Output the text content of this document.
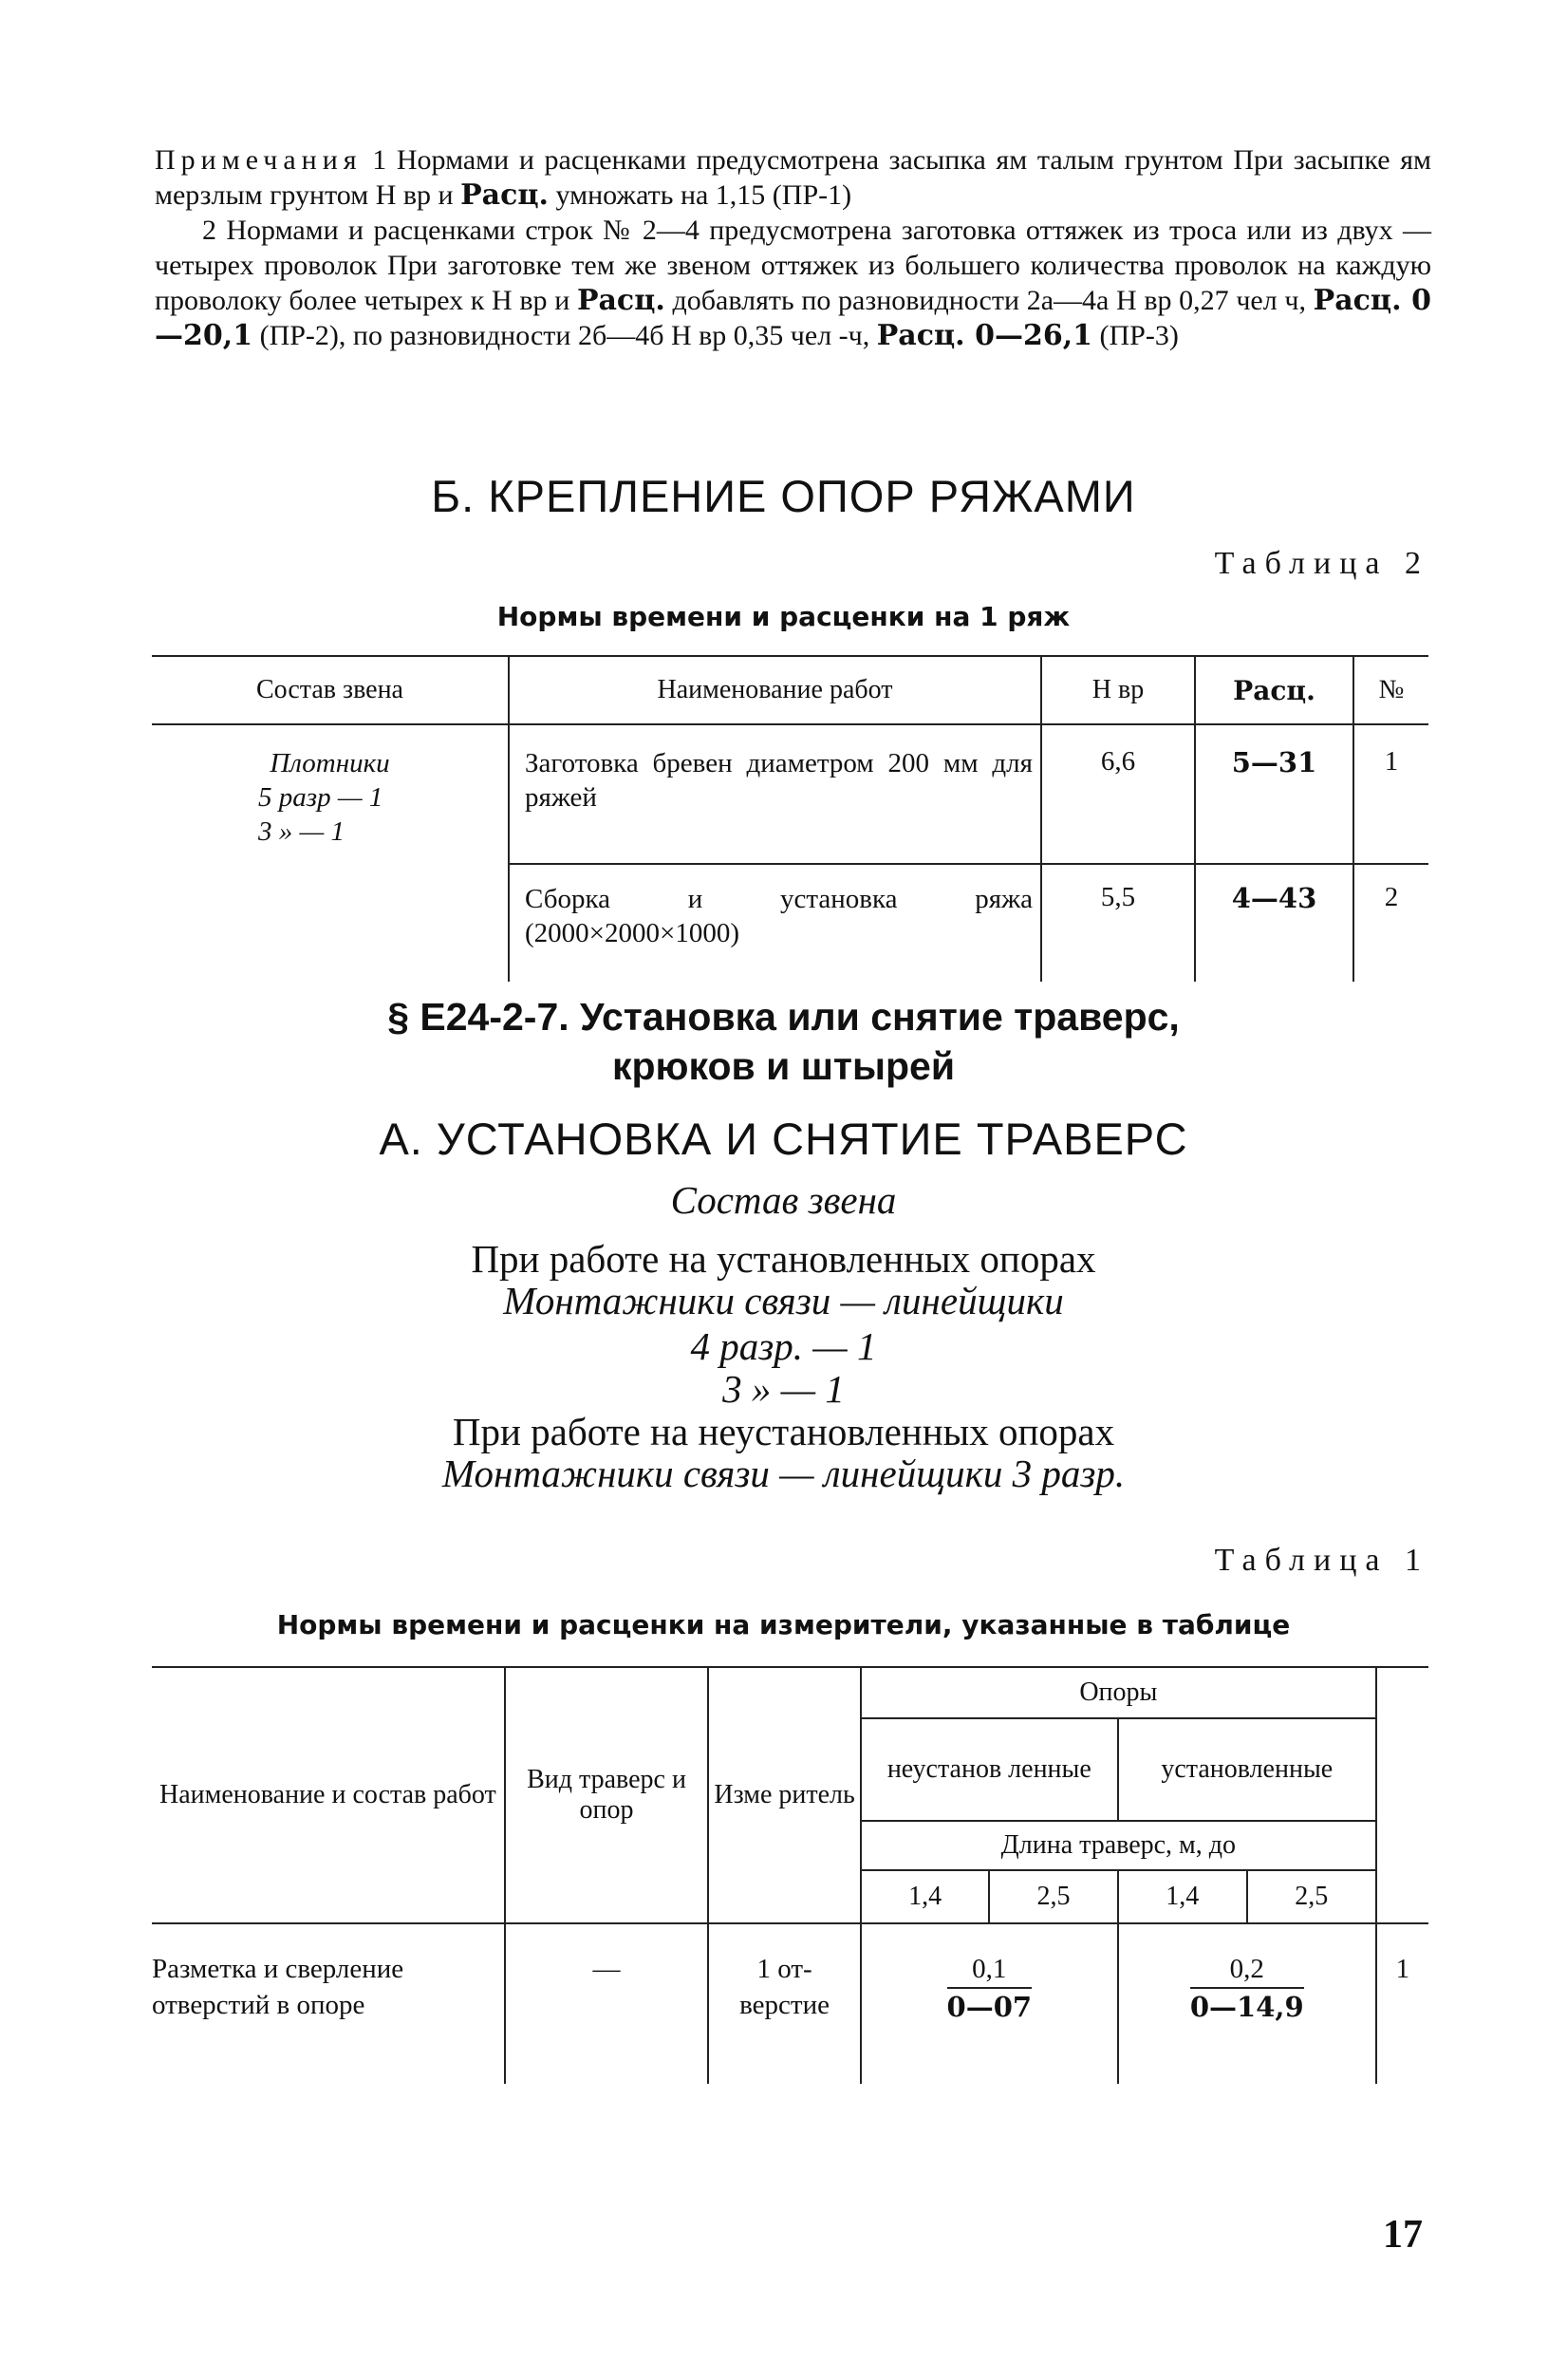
Примечания 1 Нормами и расценками предусмотрена засыпка ям талым грунтом При засыпке ям мерзлым грунтом Н вр и Расц. умножать на 1,15 (ПР-1)

2 Нормами и расценками строк № 2—4 предусмотрена заготовка оттяжек из троса или из двух — четырех проволок При заготовке тем же звеном оттяжек из большего количества проволок на каждую проволоку более четырех к Н вр и Расц. добавлять по разновидности 2а—4а Н вр 0,27 чел ч, Расц. 0—20,1 (ПР-2), по разновидности 2б—4б Н вр 0,35 чел -ч, Расц. 0—26,1 (ПР-3)

Б. КРЕПЛЕНИЕ ОПОР РЯЖАМИ
Таблица 2
Нормы времени и расценки на 1 ряж
Состав звена	Наименование работ	Н вр	Расц.	№

Плотники
5 разр — 1
3 » — 1	Заготовка бревен диаметром 200 мм для ряжей	6,6	5—31	1
	Сборка и установка ряжа (2000×2000×1000)	5,5	4—43	2
§ Е24-2-7. Установка или снятие траверс,
крюков и штырей
А. УСТАНОВКА И СНЯТИЕ ТРАВЕРС
Состав звена
При работе на установленных опорах
Монтажники связи — линейщики
4 разр. — 1
3 » — 1
При работе на неустановленных опорах
Монтажники связи — линейщики 3 разр.
Таблица 1
Нормы времени и расценки на измерители, указанные в таблице
Наименование и состав работ	Вид траверс и опор	Изме ритель	Опоры				
			неустанов ленные		установленные		
			Длина траверс, м, до				
			1,4	2,5	1,4	2,5	
Разметка и сверление отверстий в опоре	—	1 от- верстие	$\frac{0,1}{0—07}$		$\frac{0,2}{0—14,9}$		1
17
